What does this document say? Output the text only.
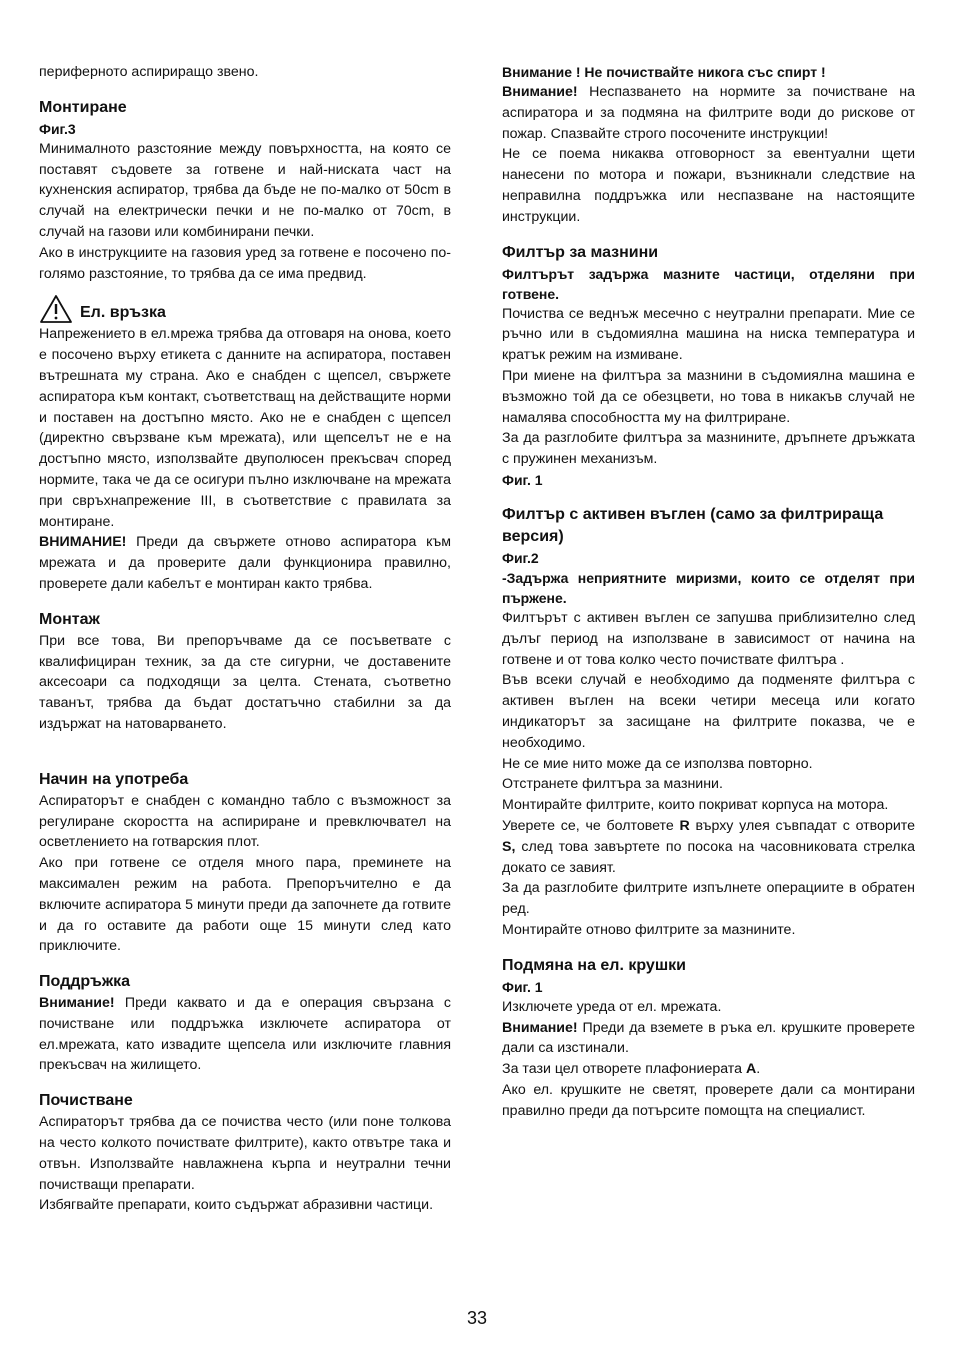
периферното аспириращо звено.

Монтиране
Фиг.3

Минималното разстояние между повърхността, на която се поставят съдовете за готвене и най-ниската част на кухненския аспиратор, трябва да бъде не по-малко от 50cm в случай на електрически печки и не по-малко от 70cm, в случай на газови или комбинирани печки.

Ако в инструкциите на газовия уред за готвене е посочено по-голямо разстояние, то трябва да се има предвид.

Ел. връзка

Напрежението в ел.мрежа трябва да отговаря на онова, което е посочено върху етикета с данните на аспиратора, поставен вътрешната му страна. Ако е снабден с щепсел, свържете аспиратора към контакт, съответстващ на действащите норми и поставен на достъпно място. Ако не е снабден с щепсел (директно свързване към мрежата), или щепселът не е на достъпно място, използвайте двуполюсен прекъсвач според нормите, така че да се осигури пълно изключване на мрежата при свръхнапрежение III, в съответствие с правилата за монтиране.

ВНИМАНИЕ! Преди да свържете отново аспиратора към мрежата и да проверите дали функционира правилно, проверете дали кабелът е монтиран както трябва.

Монтаж

При все това, Ви препоръчваме да се посъветвате с квалифициран техник, за да сте сигурни, че доставените аксесоари са подходящи за целта. Стената, съответно таванът, трябва да бъдат достатъчно стабилни за да издържат на натоварването.

Начин на употреба

Аспираторът е снабден с командно табло с възможност за регулиране скоростта на аспириране и превключвател на осветлението на готварския плот.

Ако при готвене се отделя много пара, преминете на максимален режим на работа. Препоръчително е да включите аспиратора 5 минути преди да започнете да готвите и да го оставите да работи още 15 минути след като приключите.

Поддръжка

Внимание! Преди каквато и да е операция свързана с почистване или поддръжка изключете аспиратора от ел.мрежата, като извадите щепсела или изключите главния прекъсвач на жилището.

Почистване

Аспираторът трябва да се почиства често (или поне толкова на често колкото почиствате филтрите), както отвътре така и отвън. Използвайте навлажнена кърпа и неутрални течни почистващи препарати.

Избягвайте препарати, които съдържат абразивни частици.

Внимание ! Не почиствайте никога със спирт !

Внимание! Неспазването на нормите за почистване на аспиратора и за подмяна на филтрите води до рискове от пожар. Спазвайте строго посочените инструкции!

Не се поема никаква отговорност за евентуални щети нанесени по мотора и пожари, възникнали следствие на неправилна поддръжка или неспазване на настоящите инструкции.

Филтър за мазнини

Филтърът задържа мазните частици, отделяни при готвене.

Почиства се веднъж месечно с неутрални препарати. Мие се ръчно или в съдомиялна машина на ниска температура и кратък режим на измиване.

При миене на филтъра за мазнини в съдомиялна машина е възможно той да се обезцвети, но това в никакъв случай не намалява способността му на филтриране.

За да разглобите филтъра за мазнините, дръпнете дръжката с пружинен механизъм.

Фиг. 1
Филтър с активен въглен (само за филтрираща версия)
Фиг.2

-Задържа неприятните миризми, които се отделят при пържене.

Филтърът с активен въглен се запушва приблизително след дълъг период на използване в зависимост от начина на готвене и от това колко често почиствате филтъра .

Във всеки случай е необходимо да подменяте филтъра с активен въглен на всеки четири месеца или когато индикаторът за засищане на филтрите показва, че е необходимо.

Не се мие нито може да се използва повторно.

Отстранете филтъра за мазнини.

Монтирайте филтрите, които покриват корпуса на мотора.

Уверете се, че болтовете R върху улея съвпадат с отворите S, след това завъртете по посока на часовниковата стрелка докато се завият.

За да разглобите филтрите изпълнете операциите в обратен ред.

Монтирайте отново филтрите за мазнините.

Подмяна на ел. крушки
Фиг. 1

Изключете уреда от ел. мрежата.

Внимание! Преди да вземете в ръка ел. крушките проверете дали са изстинали.

За тази цел отворете плафониерата A.

Ако ел. крушките не светят, проверете дали са монтирани правилно преди да потърсите помощта на специалист.

33
